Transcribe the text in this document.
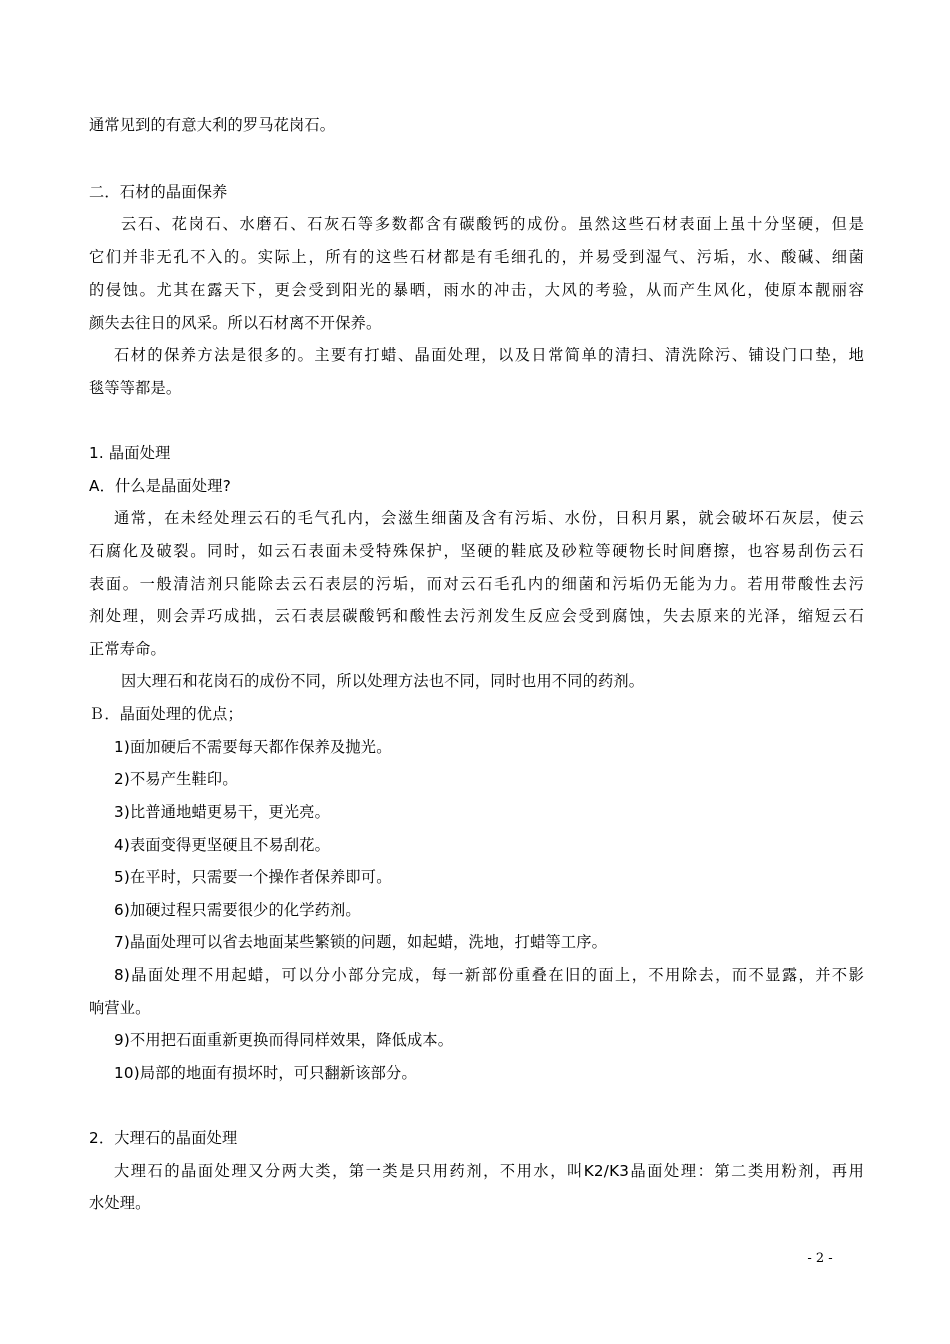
通常见到的有意大利的罗马花岗石。
二．石材的晶面保养
云石、花岗石、水磨石、石灰石等多数都含有碳酸钙的成份。虽然这些石材表面上虽十分坚硬，但是
它们并非无孔不入的。实际上，所有的这些石材都是有毛细孔的，并易受到湿气、污垢，水、酸碱、细菌
的侵蚀。尤其在露天下，更会受到阳光的暴晒，雨水的冲击，大风的考验，从而产生风化，使原本靓丽容
颜失去往日的风采。所以石材离不开保养。
石材的保养方法是很多的。主要有打蜡、晶面处理，以及日常简单的清扫、清洗除污、铺设门口垫，地
毯等等都是。
1. 晶面处理
A．什么是晶面处理?
通常，在未经处理云石的毛气孔内，会滋生细菌及含有污垢、水份，日积月累，就会破坏石灰层，使云
石腐化及破裂。同时，如云石表面未受特殊保护，坚硬的鞋底及砂粒等硬物长时间磨擦，也容易刮伤云石
表面。一般清洁剂只能除去云石表层的污垢，而对云石毛孔内的细菌和污垢仍无能为力。若用带酸性去污
剂处理，则会弄巧成拙，云石表层碳酸钙和酸性去污剂发生反应会受到腐蚀，失去原来的光泽，缩短云石
正常寿命。
因大理石和花岗石的成份不同，所以处理方法也不同，同时也用不同的药剂。
Ｂ．晶面处理的优点；
1)面加硬后不需要每天都作保养及抛光。
2)不易产生鞋印。
3)比普通地蜡更易干，更光亮。
4)表面变得更坚硬且不易刮花。
5)在平时，只需要一个操作者保养即可。
6)加硬过程只需要很少的化学药剂。
7)晶面处理可以省去地面某些繁锁的问题，如起蜡，洗地，打蜡等工序。
8)晶面处理不用起蜡，可以分小部分完成，每一新部份重叠在旧的面上，不用除去，而不显露，并不影
响营业。
9)不用把石面重新更换而得同样效果，降低成本。
10)局部的地面有损坏时，可只翻新该部分。
2．大理石的晶面处理
大理石的晶面处理又分两大类，第一类是只用药剂，不用水，叫K2/K3晶面处理：第二类用粉剂，再用
水处理。
- 2 -
